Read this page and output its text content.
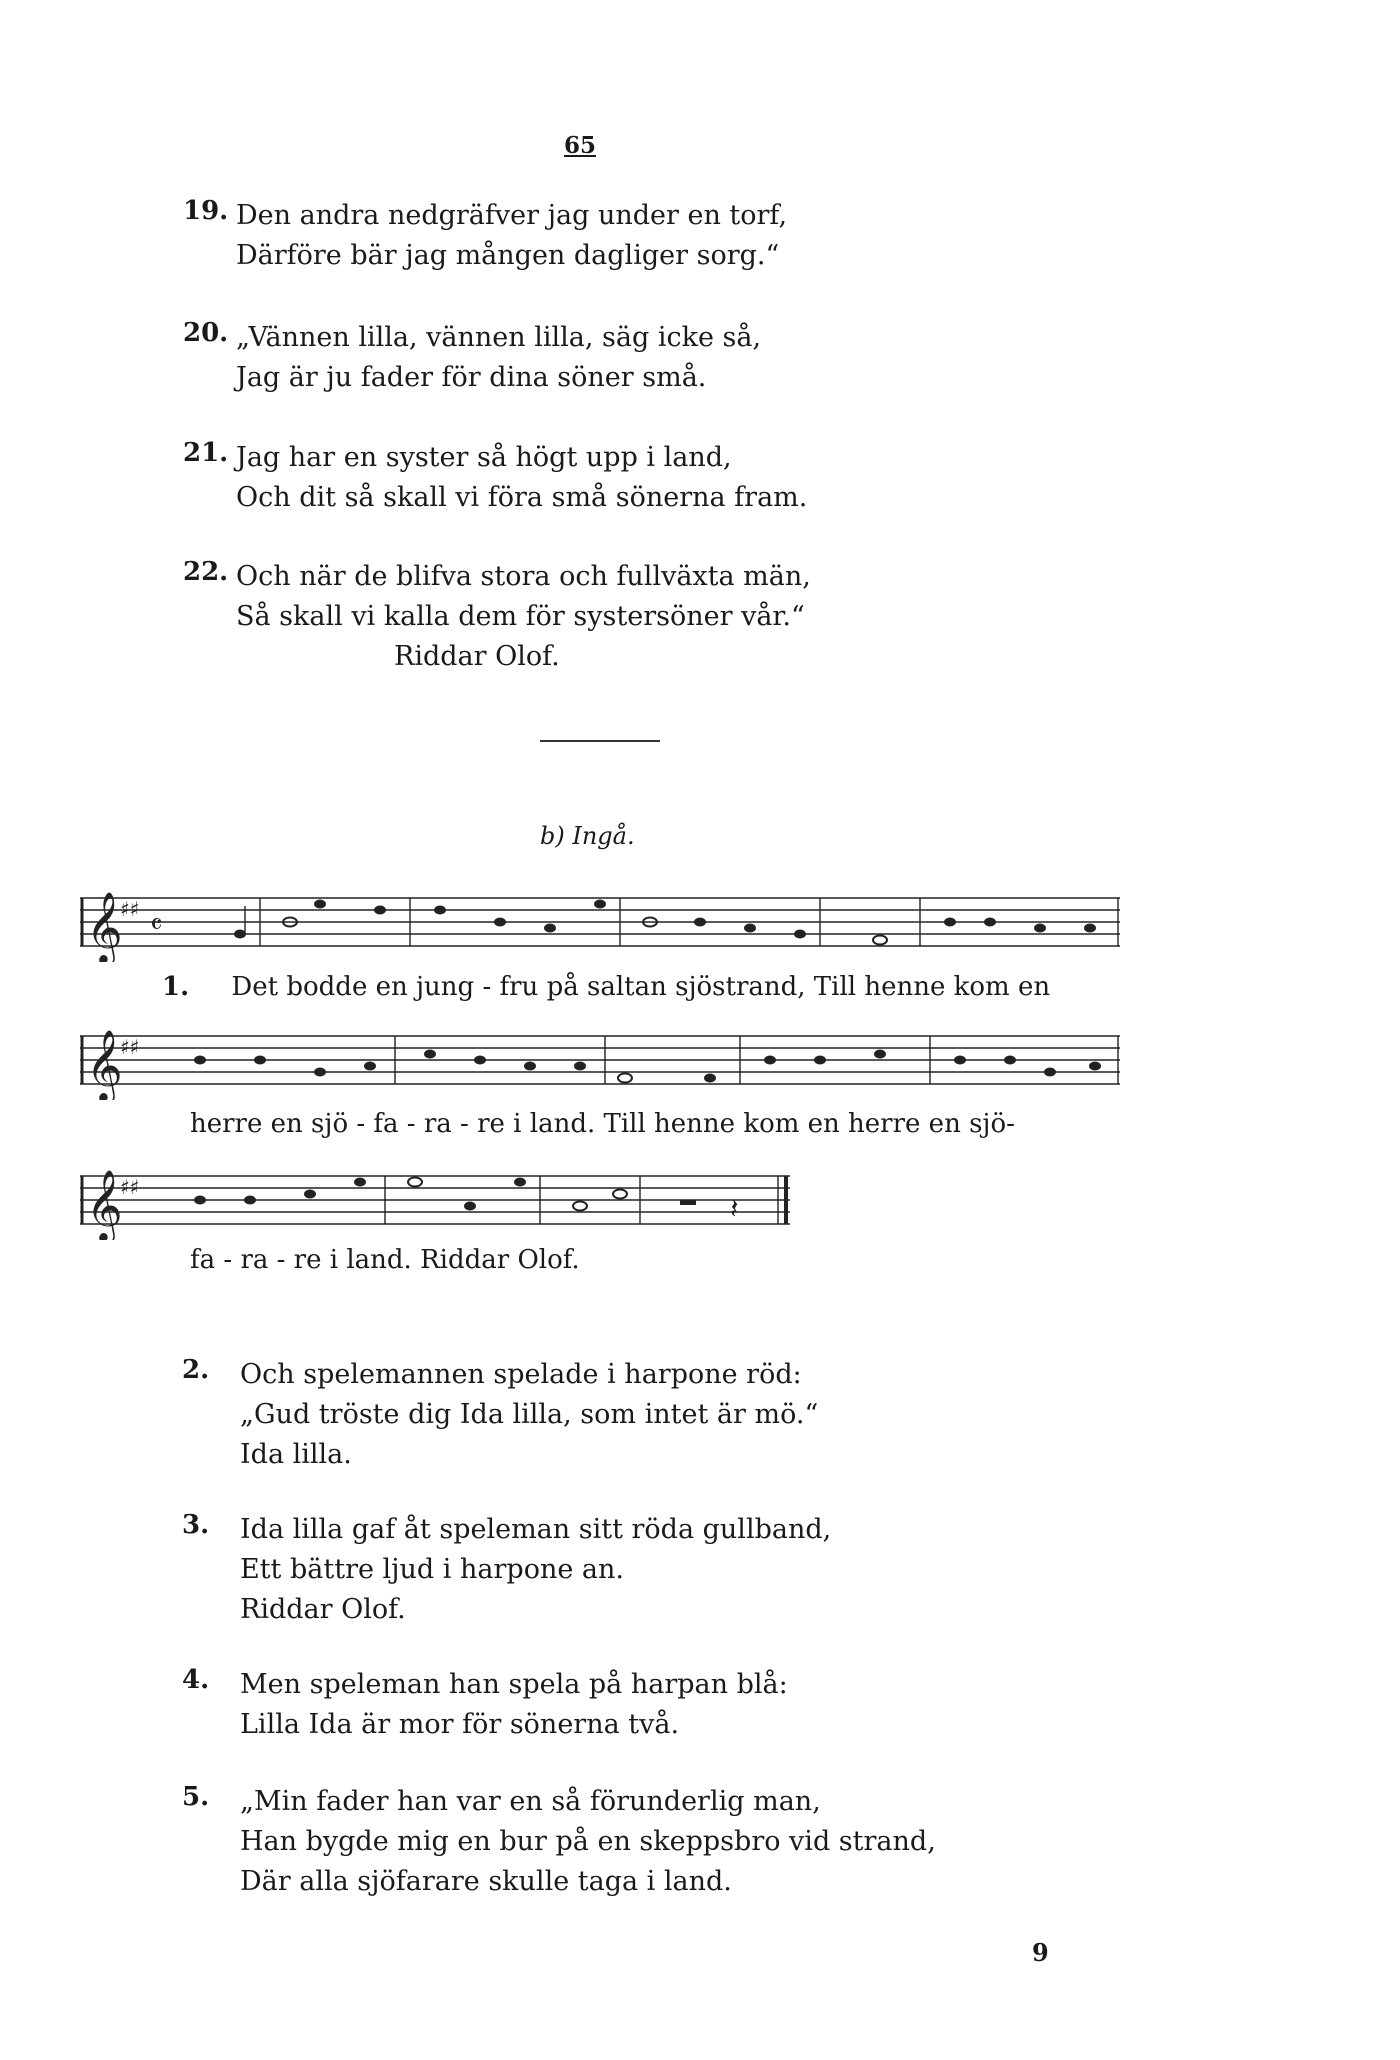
65
19. Den andra nedgräfver jag under en torf,
Därföre bär jag mången dagliger sorg.“
20. „Vännen lilla, vännen lilla, säg icke så,
Jag är ju fader för dina söner små.
21. Jag har en syster så högt upp i land,
Och dit så skall vi föra små sönerna fram.
22. Och när de blifva stora och fullväxta män,
Så skall vi kalla dem för systersöner vår.“
Riddar Olof.
b) Ingå.
𝄞
♯♯ 𝄴
1. Det bodde en jung - fru på saltan sjöstrand, Till henne kom en
𝄞
♯♯
herre en sjö - fa - ra - re i land. Till henne kom en herre en sjö-
𝄞
♯♯
𝄽
fa - ra - re i land. Riddar Olof.
2. Och spelemannen spelade i harpone röd:
„Gud tröste dig Ida lilla, som intet är mö.“
Ida lilla.
3. Ida lilla gaf åt speleman sitt röda gullband,
Ett bättre ljud i harpone an.
Riddar Olof.
4. Men speleman han spela på harpan blå:
Lilla Ida är mor för sönerna två.
5. „Min fader han var en så förunderlig man,
Han bygde mig en bur på en skeppsbro vid strand,
Där alla sjöfarare skulle taga i land.
9
